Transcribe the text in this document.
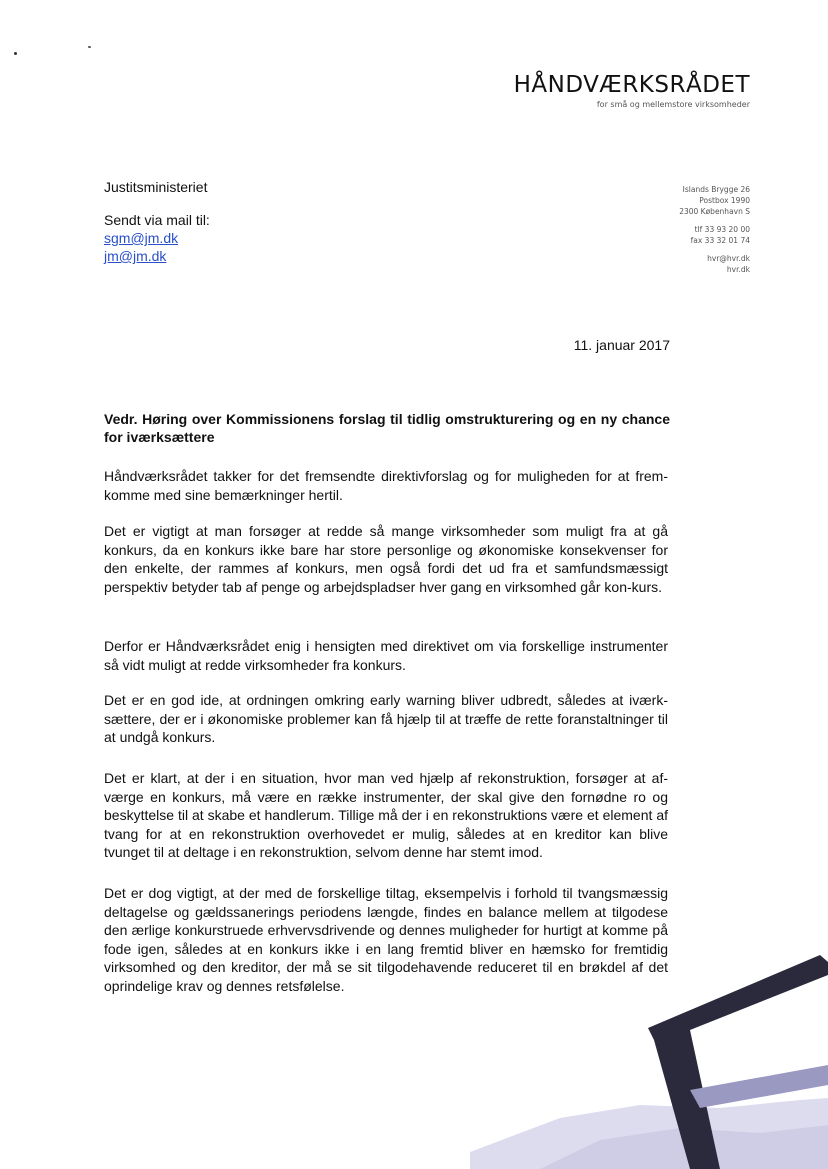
HÅNDVÆRKSRÅDET
for små og mellemstore virksomheder
Islands Brygge 26
Postbox 1990
2300 København S
tlf 33 93 20 00
fax 33 32 01 74
hvr@hvr.dk
hvr.dk
Justitsministeriet
Sendt via mail til:
sgm@jm.dk
jm@jm.dk
11. januar 2017
Vedr. Høring over Kommissionens forslag til tidlig omstrukturering og en ny chance for iværksættere

Håndværksrådet takker for det fremsendte direktivforslag og for muligheden for at frem-komme med sine bemærkninger hertil.

Det er vigtigt at man forsøger at redde så mange virksomheder som muligt fra at gå konkurs, da en konkurs ikke bare har store personlige og økonomiske konsekvenser for den enkelte, der rammes af konkurs, men også fordi det ud fra et samfundsmæssigt perspektiv betyder tab af penge og arbejdspladser hver gang en virksomhed går kon-kurs.

Derfor er Håndværksrådet enig i hensigten med direktivet om via forskellige instrumenter så vidt muligt at redde virksomheder fra konkurs.

Det er en god ide, at ordningen omkring early warning bliver udbredt, således at iværk-sættere, der er i økonomiske problemer kan få hjælp til at træffe de rette foranstaltninger til at undgå konkurs.

Det er klart, at der i en situation, hvor man ved hjælp af rekonstruktion, forsøger at af-værge en konkurs, må være en række instrumenter, der skal give den fornødne ro og beskyttelse til at skabe et handlerum. Tillige må der i en rekonstruktions være et element af tvang for at en rekonstruktion overhovedet er mulig, således at en kreditor kan blive tvunget til at deltage i en rekonstruktion, selvom denne har stemt imod.

Det er dog vigtigt, at der med de forskellige tiltag, eksempelvis i forhold til tvangsmæssig deltagelse og gældssanerings periodens længde, findes en balance mellem at tilgodese den ærlige konkurstruede erhvervsdrivende og dennes muligheder for hurtigt at komme på fode igen, således at en konkurs ikke i en lang fremtid bliver en hæmsko for fremtidig virksomhed og den kreditor, der må se sit tilgodehavende reduceret til en brøkdel af det oprindelige krav og dennes retsfølelse.
